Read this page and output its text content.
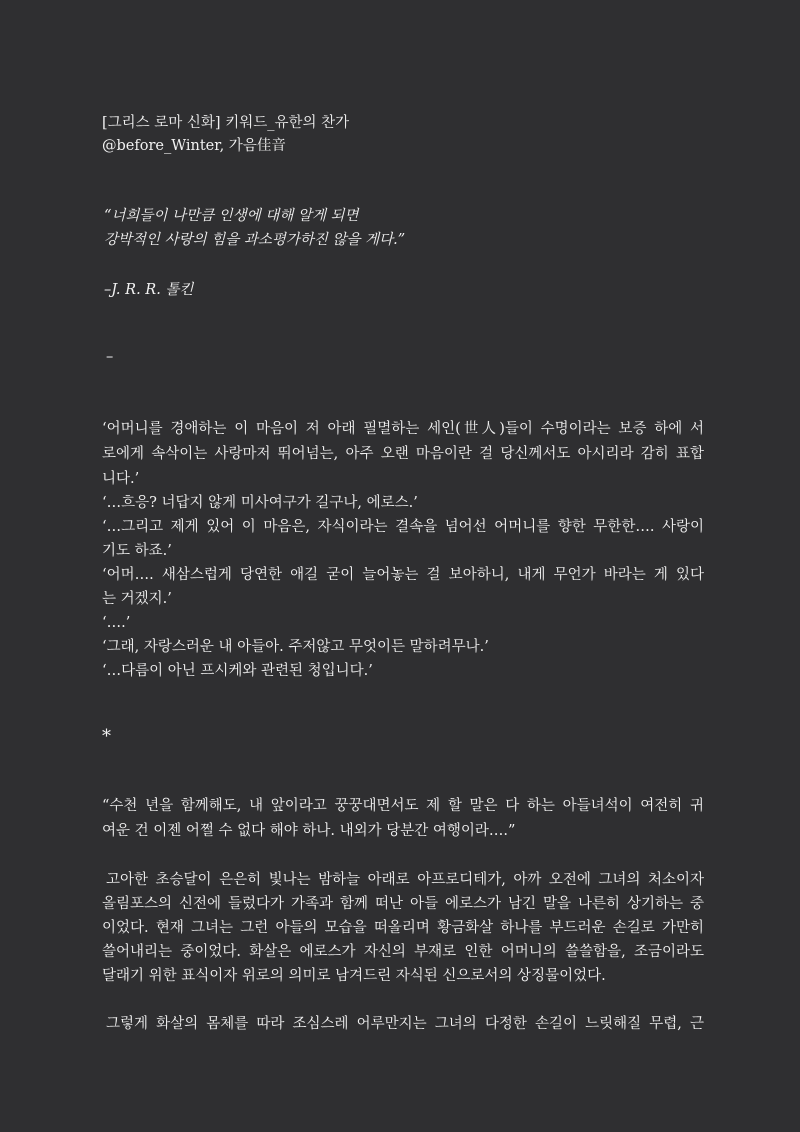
[그리스 로마 신화] 키워드_유한의 찬가
@before_Winter, 가음佳音
“너희들이 나만큼 인생에 대해 알게 되면
강박적인 사랑의 힘을 과소평가하진 않을 게다.”
–J. R. R. 톨킨
–
‘어머니를 경애하는 이 마음이 저 아래 필멸하는 세인(世人)들이 수명이라는 보증 하에 서
로에게 속삭이는 사랑마저 뛰어넘는, 아주 오랜 마음이란 걸 당신께서도 아시리라 감히 표합
니다.’
‘…흐응? 너답지 않게 미사여구가 길구나, 에로스.’
‘…그리고 제게 있어 이 마음은, 자식이라는 결속을 넘어선 어머니를 향한 무한한…. 사랑이
기도 하죠.’
‘어머…. 새삼스럽게 당연한 애길 굳이 늘어놓는 걸 보아하니, 내게 무언가 바라는 게 있다
는 거겠지.’
‘….’
‘그래, 자랑스러운 내 아들아. 주저않고 무엇이든 말하려무나.’
‘…다름이 아닌 프시케와 관련된 청입니다.’
*
“수천 년을 함께해도, 내 앞이라고 꿍꿍대면서도 제 할 말은 다 하는 아들녀석이 여전히 귀
여운 건 이젠 어쩔 수 없다 해야 하나. 내외가 당분간 여행이라….”
고아한 초승달이 은은히 빛나는 밤하늘 아래로 아프로디테가, 아까 오전에 그녀의 처소이자
올림포스의 신전에 들렀다가 가족과 함께 떠난 아들 에로스가 남긴 말을 나른히 상기하는 중
이었다. 현재 그녀는 그런 아들의 모습을 떠올리며 황금화살 하나를 부드러운 손길로 가만히
쓸어내리는 중이었다. 화살은 에로스가 자신의 부재로 인한 어머니의 쓸쓸함을, 조금이라도
달래기 위한 표식이자 위로의 의미로 남겨드린 자식된 신으로서의 상징물이었다.
그렇게 화살의 몸체를 따라 조심스레 어루만지는 그녀의 다정한 손길이 느릿해질 무렵, 근
